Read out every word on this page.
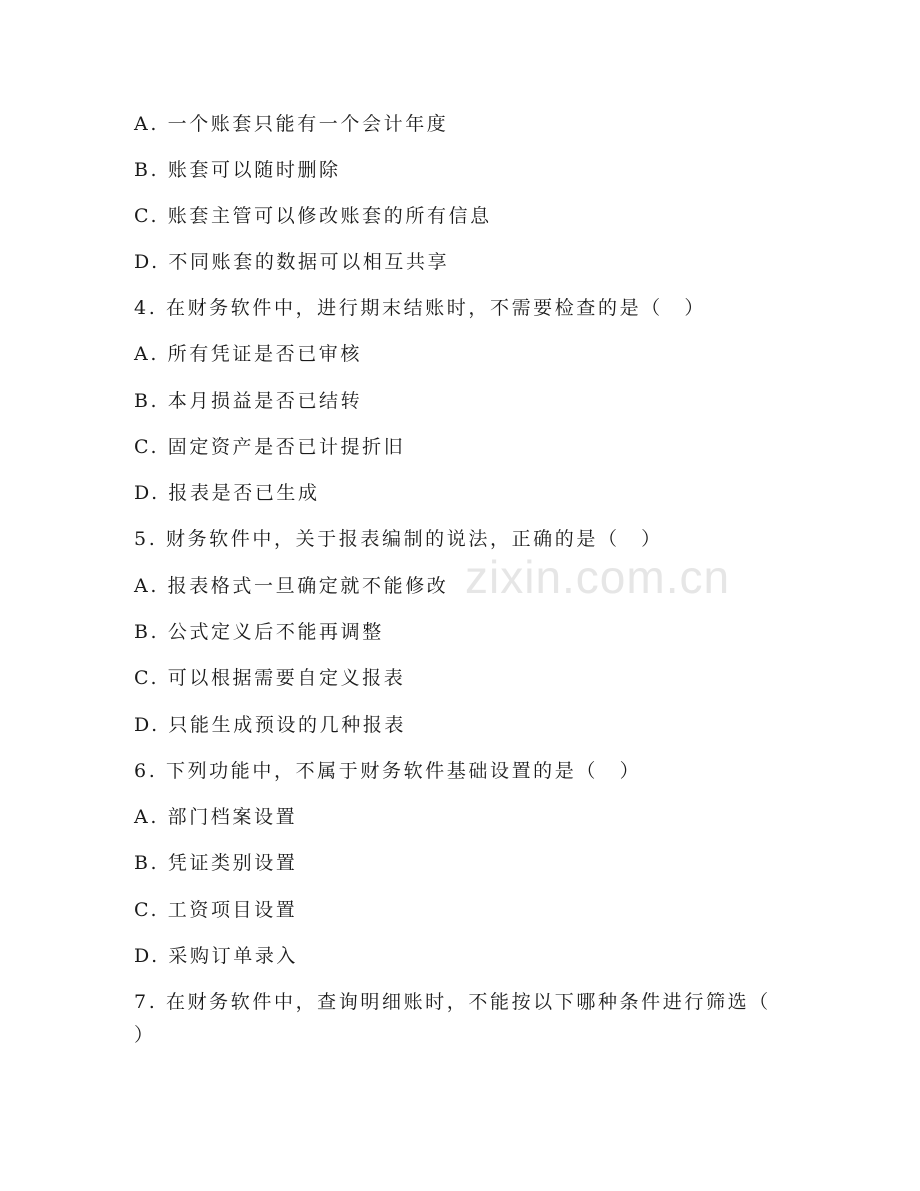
zixin.com.cn
A. 一个账套只能有一个会计年度
B. 账套可以随时删除
C. 账套主管可以修改账套的所有信息
D. 不同账套的数据可以相互共享
4. 在财务软件中，进行期末结账时，不需要检查的是（　）
A. 所有凭证是否已审核
B. 本月损益是否已结转
C. 固定资产是否已计提折旧
D. 报表是否已生成
5. 财务软件中，关于报表编制的说法，正确的是（　）
A. 报表格式一旦确定就不能修改
B. 公式定义后不能再调整
C. 可以根据需要自定义报表
D. 只能生成预设的几种报表
6. 下列功能中，不属于财务软件基础设置的是（　）
A. 部门档案设置
B. 凭证类别设置
C. 工资项目设置
D. 采购订单录入
7. 在财务软件中，查询明细账时，不能按以下哪种条件进行筛选（
）
